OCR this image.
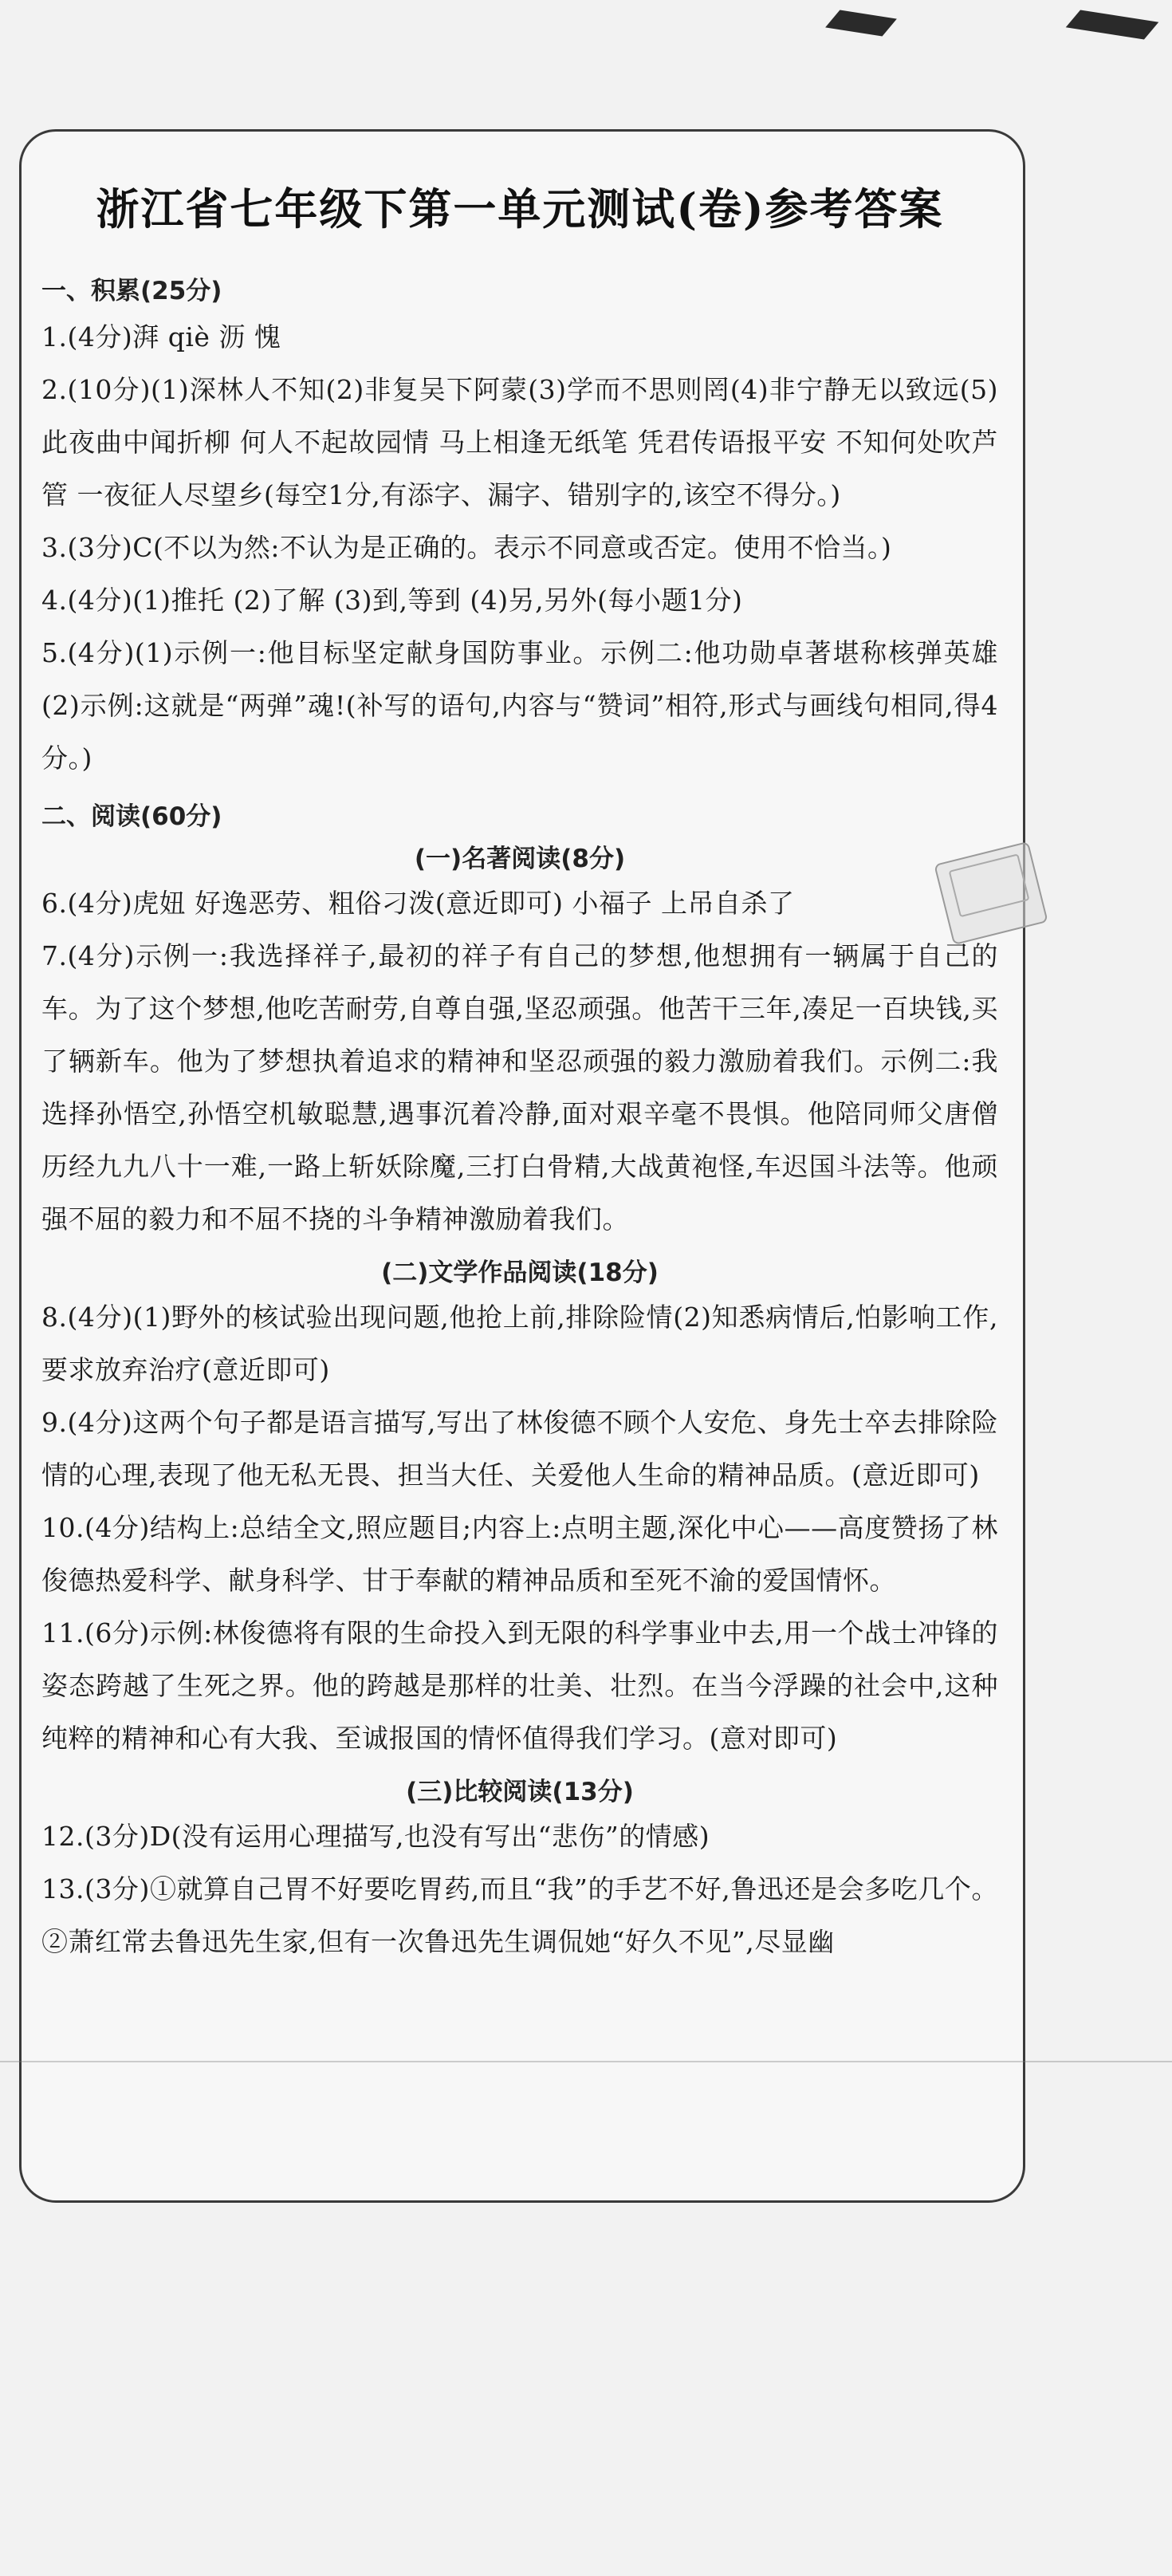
浙江省七年级下第一单元测试(卷)参考答案
一、积累(25分)
1.(4分)湃 qiè 沥 愧
2.(10分)(1)深林人不知(2)非复吴下阿蒙(3)学而不思则罔(4)非宁静无以致远(5)此夜曲中闻折柳 何人不起故园情 马上相逢无纸笔 凭君传语报平安 不知何处吹芦管 一夜征人尽望乡(每空1分,有添字、漏字、错别字的,该空不得分。)
3.(3分)C(不以为然:不认为是正确的。表示不同意或否定。使用不恰当。)
4.(4分)(1)推托 (2)了解 (3)到,等到 (4)另,另外(每小题1分)
5.(4分)(1)示例一:他目标坚定献身国防事业。示例二:他功勋卓著堪称核弹英雄(2)示例:这就是“两弹”魂!(补写的语句,内容与“赞词”相符,形式与画线句相同,得4分。)
二、阅读(60分)
(一)名著阅读(8分)
6.(4分)虎妞 好逸恶劳、粗俗刁泼(意近即可) 小福子 上吊自杀了
7.(4分)示例一:我选择祥子,最初的祥子有自己的梦想,他想拥有一辆属于自己的车。为了这个梦想,他吃苦耐劳,自尊自强,坚忍顽强。他苦干三年,凑足一百块钱,买了辆新车。他为了梦想执着追求的精神和坚忍顽强的毅力激励着我们。示例二:我选择孙悟空,孙悟空机敏聪慧,遇事沉着冷静,面对艰辛毫不畏惧。他陪同师父唐僧历经九九八十一难,一路上斩妖除魔,三打白骨精,大战黄袍怪,车迟国斗法等。他顽强不屈的毅力和不屈不挠的斗争精神激励着我们。
(二)文学作品阅读(18分)
8.(4分)(1)野外的核试验出现问题,他抢上前,排除险情(2)知悉病情后,怕影响工作,要求放弃治疗(意近即可)
9.(4分)这两个句子都是语言描写,写出了林俊德不顾个人安危、身先士卒去排除险情的心理,表现了他无私无畏、担当大任、关爱他人生命的精神品质。(意近即可)
10.(4分)结构上:总结全文,照应题目;内容上:点明主题,深化中心——高度赞扬了林俊德热爱科学、献身科学、甘于奉献的精神品质和至死不渝的爱国情怀。
11.(6分)示例:林俊德将有限的生命投入到无限的科学事业中去,用一个战士冲锋的姿态跨越了生死之界。他的跨越是那样的壮美、壮烈。在当今浮躁的社会中,这种纯粹的精神和心有大我、至诚报国的情怀值得我们学习。(意对即可)
(三)比较阅读(13分)
12.(3分)D(没有运用心理描写,也没有写出“悲伤”的情感)
13.(3分)①就算自己胃不好要吃胃药,而且“我”的手艺不好,鲁迅还是会多吃几个。②萧红常去鲁迅先生家,但有一次鲁迅先生调侃她“好久不见”,尽显幽
